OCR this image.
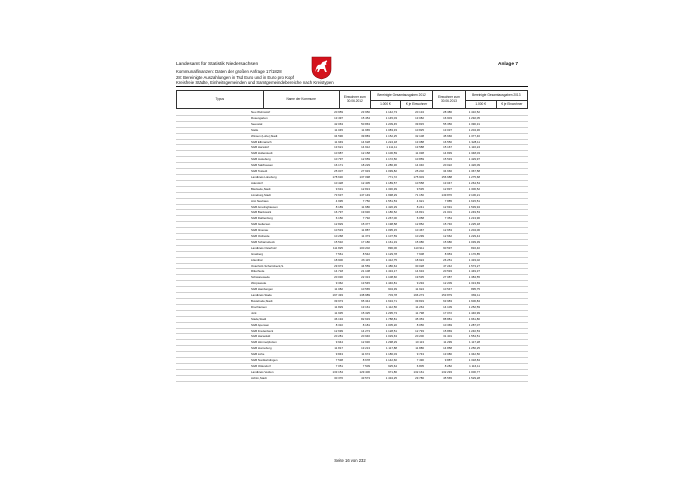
Landesamt für Statistik Niedersachsen
Kommunalfinanzen: Daten der großen Anfrage 17/1828
28: Bereinigte Auszahlungen in Tsd Euro und in Euro pro Kopf
Kreisfreie Städte, Einheitsgemeinden und Samtgemeindebereiche nach Kreistypen
Anlage 7
Typus	Name der Kommune	Einwohner zum 30.06.2012	Bereinigte Gesamtausgaben 2012		Einwohner zum 30.06.2013	Bereinigte Gesamtausgaben 2013	
			1.000 €	€ je Einwohner		1.000 €	€ je Einwohner
Neu Wulmstorf	20 959	23 950	1 142,73	20 134	28 386	1 410,52
Rosengarten	13 497	15 454	1 145,03	13 082	16 903	1 292,05
Seevetal	42 063	50 863	1 209,45	39 815	55 356	1 390,31
Stelle	11 045	11 965	1 083,33	10 825	13 037	1 204,36
Winsen (Luhe),Stadt	34 596	39 883	1 152,25	32 108	45 666	1 377,46
SGB Elbmarsch	11 949	14 628	1 224,18	13 088	16 550	1 328,11
SGB Harsdorf	13 621	14 912	1 111,11	13 588	15 167	1 116,24
SGB Hollenstedt	10 987	12 158	1 106,59	11 038	14 839	1 348,03
SGB Jesteburg	10 797	12 659	1 172,50	10 859	15 533	1 429,97
SGB Salzhausen	16 171	18 229	1 286,36	14 040	20 022	1 426,09
SGB Tostedt	25 007	27 933	1 099,82	25 202	34 666	1 367,58
Landkreis Lüneburg	178 630	137 098	771,72	175 903	156 688	1 275,68
Adendorf	10 428	12 405	1 189,57	10 558	13 047	1 264,54
Bleckede,Stadt	9 631	12 813	1 330,39	9 535	12 837	1 306,52
Lüneburg,Stadt	73 637	147 149	1 998,29	71 150	149 876	2 106,21
Amt Neuhaus	4 995	7 750	1 551,53	4 921	7 885	1 615,51
SGB Amelinghausen	8 189	11 680	1 426,29	8 241	12 691	1 539,94
SGB Bardowick	16 797	19 930	1 186,52	16 831	21 001	1 249,53
SGB Dahlenburg	6 150	7 792	1 267,00	6 058	7 354	1 213,96
SGB Gellersen	12 829	15 377	1 198,58	12 852	15 746	1 225,18
SGB Ilmenau	10 533	11 887	1 095,15	10 467	12 653	1 204,06
SGB Ostheide	10 268	11 373	1 107,59	10 299	12 662	1 229,44
SGB Scharnebeck	15 532	17 180	1 161,19	15 080	15 680	1 039,39
Landkreis Osterholz	111 825	100 202	896,06	110 911	90 597	816,40
Grasberg	7 561	8 542	1 129,78	7 608	8 953	1 176,85
Lilienthal	18 900	26 115	1 412,75	18 924	26 251	1 433,02
Osterholz-Scharmbeck,S.	29 973	44 559	1 486,64	30 028	47 242	1 573,27
Ritterhude	14 718	21 108	1 434,17	14 634	20 593	1 449,37
Schwanewede	20 030	22 313	1 108,60	19 535	27 087	1 384,55
Worpswede	9 362	13 545	1 446,81	9 294	12 209	1 313,69
SGB Hambergen	11 082	10 565	904,39	11 924	10 547	895,75
Landkreis Stade	197 493	138 989	703,78	196 273	153 879	682,11
Buxtehude,Stadt	39 973	65 344	1 634,71	39 819	63 983	1 606,84
Drochtersen	11 829	13 161	1 112,56	11 264	14 109	1 252,59
Jork	11 935	15 325	1 295,73	11 798	17 072	1 446,99
Stade,Stadt	46 194	82 633	1 788,81	45 353	88 881	1 961,80
SGB Apensen	8 310	8 181	1 005,20	8 056	10 369	1 287,07
SGB Fredenbeck	12 699	14 273	1 128,51	12 793	15 869	1 240,53
SGB Harsefeld	20 281	20 946	1 029,63	20 200	31 401	1 554,51
SGB Himmelpforten	9 944	12 930	1 298,29	10 113	11 299	1 117,28
SGB Horneburg	11 817	13 213	1 117,88	11 886	14 858	1 250,25
SGB Lühe	9 843	11 674	1 186,03	9 743	13 080	1 342,50
SGB Nordkehdingen	7 538	8 678	1 142,60	7 490	9 887	1 318,84
SGB Oldendorf	7 051	7 509	925,64	6 805	8 282	1 116,11
Landkreis Verden	133 154	129 406	971,86	132 161	132 293	1 000,77
Achim,Stadt	30 376	43 573	1 434,25	29 786	45 565	1 529,28
Seite 16 von 232
